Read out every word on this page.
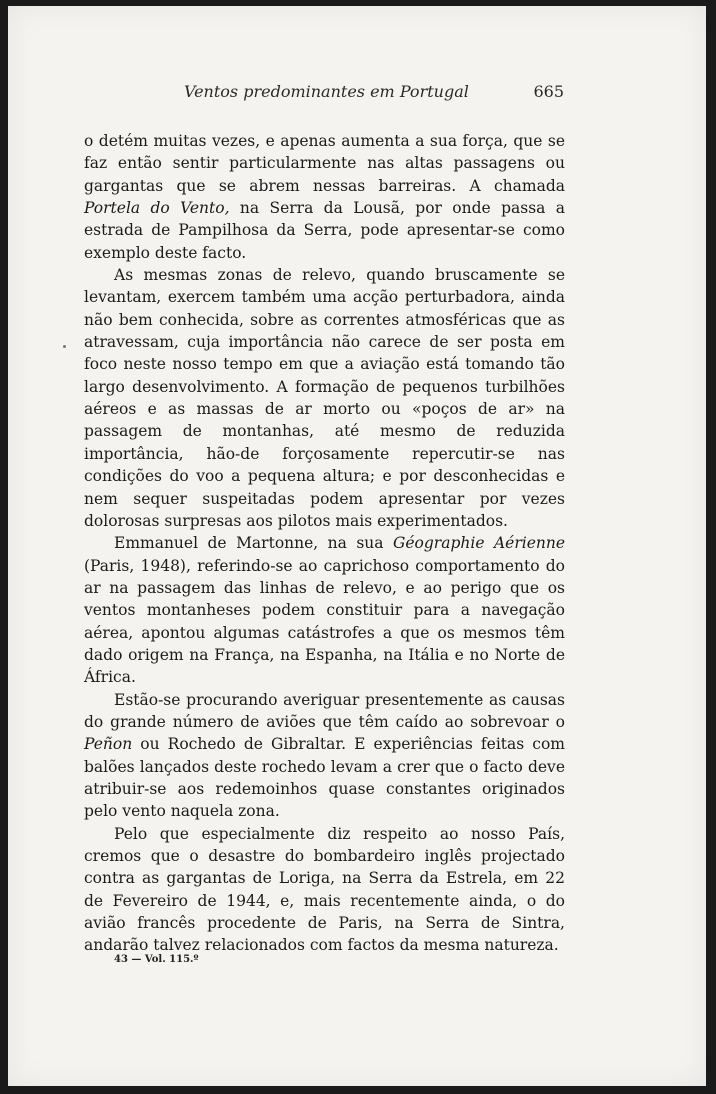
Ventos predominantes em Portugal	665

o detém muitas vezes, e apenas aumenta a sua força, que se faz então sentir particularmente nas altas passagens ou gargantas que se abrem nessas barreiras. A chamada Portela do Vento, na Serra da Lousã, por onde passa a estrada de Pampilhosa da Serra, pode apresentar-se como exemplo deste facto.

As mesmas zonas de relevo, quando bruscamente se levantam, exercem também uma acção perturbadora, ainda não bem conhecida, sobre as correntes atmosféricas que as atravessam, cuja importância não carece de ser posta em foco neste nosso tempo em que a aviação está tomando tão largo desenvolvimento. A formação de pequenos turbilhões aéreos e as massas de ar morto ou «poços de ar» na passagem de montanhas, até mesmo de reduzida importância, hão-de forçosamente repercutir-se nas condições do voo a pequena altura; e por desconhecidas e nem sequer suspeitadas podem apresentar por vezes dolorosas surpresas aos pilotos mais experimentados.

Emmanuel de Martonne, na sua Géographie Aérienne (Paris, 1948), referindo-se ao caprichoso comportamento do ar na passagem das linhas de relevo, e ao perigo que os ventos montanheses podem constituir para a navegação aérea, apontou algumas catástrofes a que os mesmos têm dado origem na França, na Espanha, na Itália e no Norte de África.

Estão-se procurando averiguar presentemente as causas do grande número de aviões que têm caído ao sobrevoar o Peñon ou Rochedo de Gibraltar. E experiências feitas com balões lançados deste rochedo levam a crer que o facto deve atribuir-se aos redemoinhos quase constantes originados pelo vento naquela zona.

Pelo que especialmente diz respeito ao nosso País, cremos que o desastre do bombardeiro inglês projectado contra as gargantas de Loriga, na Serra da Estrela, em 22 de Fevereiro de 1944, e, mais recentemente ainda, o do avião francês procedente de Paris, na Serra de Sintra, andarão talvez relacionados com factos da mesma natureza.

43 — Vol. 115.º
